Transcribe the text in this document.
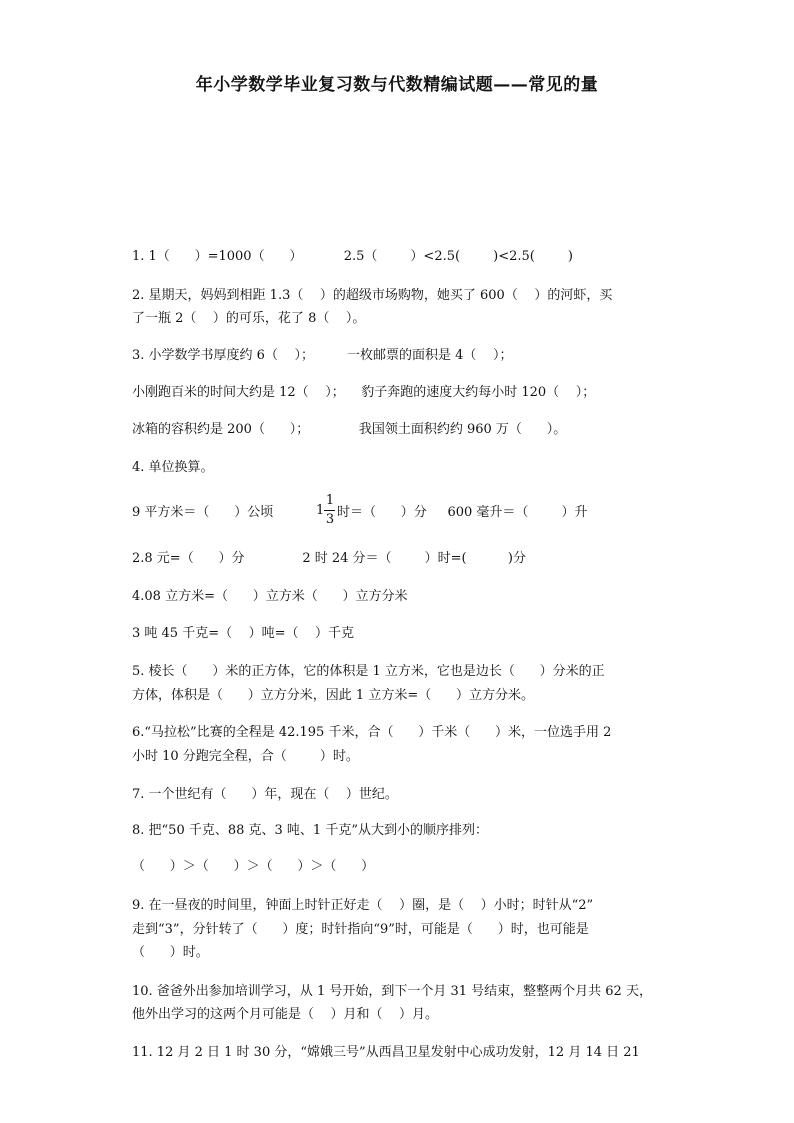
年小学数学毕业复习数与代数精编试题——常见的量
1. 1（      ）=1000（      ）          2.5（        ）<2.5(        )<2.5(        )
2. 星期天，妈妈到相距 1.3（    ）的超级市场购物，她买了 600（    ）的河虾，买
了一瓶 2（    ）的可乐，花了 8（    ）。
3. 小学数学书厚度约 6（    ）；        一枚邮票的面积是 4（    ）；
小刚跑百米的时间大约是 12（    ）；    豹子奔跑的速度大约每小时 120（    ）；
冰箱的容积约是 200（      ）；            我国领土面积约约 960 万（      ）。
4. 单位换算。
9 平方米＝（      ）公顷	1
1
3 时＝（      ）分     600 毫升＝（        ）升
2.8 元=（      ）分              2 时 24 分＝（        ）时=(          )分
4.08 立方米=（      ）立方米（      ）立方分米
3 吨 45 千克=（    ）吨=（    ）千克
5. 棱长（      ）米的正方体，它的体积是 1 立方米，它也是边长（      ）分米的正
方体，体积是（      ）立方分米，因此 1 立方米=（      ）立方分米。
6.“马拉松”比赛的全程是 42.195 千米，合（      ）千米（      ）米，一位选手用 2
小时 10 分跑完全程，合（        ）时。
7. 一个世纪有（      ）年，现在（    ）世纪。
8. 把“50 千克、88 克、3 吨、1 千克”从大到小的顺序排列：
（      ）＞（      ）＞（      ）＞（      ）
9. 在一昼夜的时间里，钟面上时针正好走（    ）圈，是（    ）小时；时针从“2”
走到“3”，分针转了（      ）度；时针指向“9”时，可能是（      ）时，也可能是
（      ）时。
10. 爸爸外出参加培训学习，从 1 号开始，到下一个月 31 号结束，整整两个月共 62 天，
他外出学习的这两个月可能是（    ）月和（    ）月。
11. 12 月 2 日 1 时 30 分，“嫦娥三号”从西昌卫星发射中心成功发射，12 月 14 日 21
